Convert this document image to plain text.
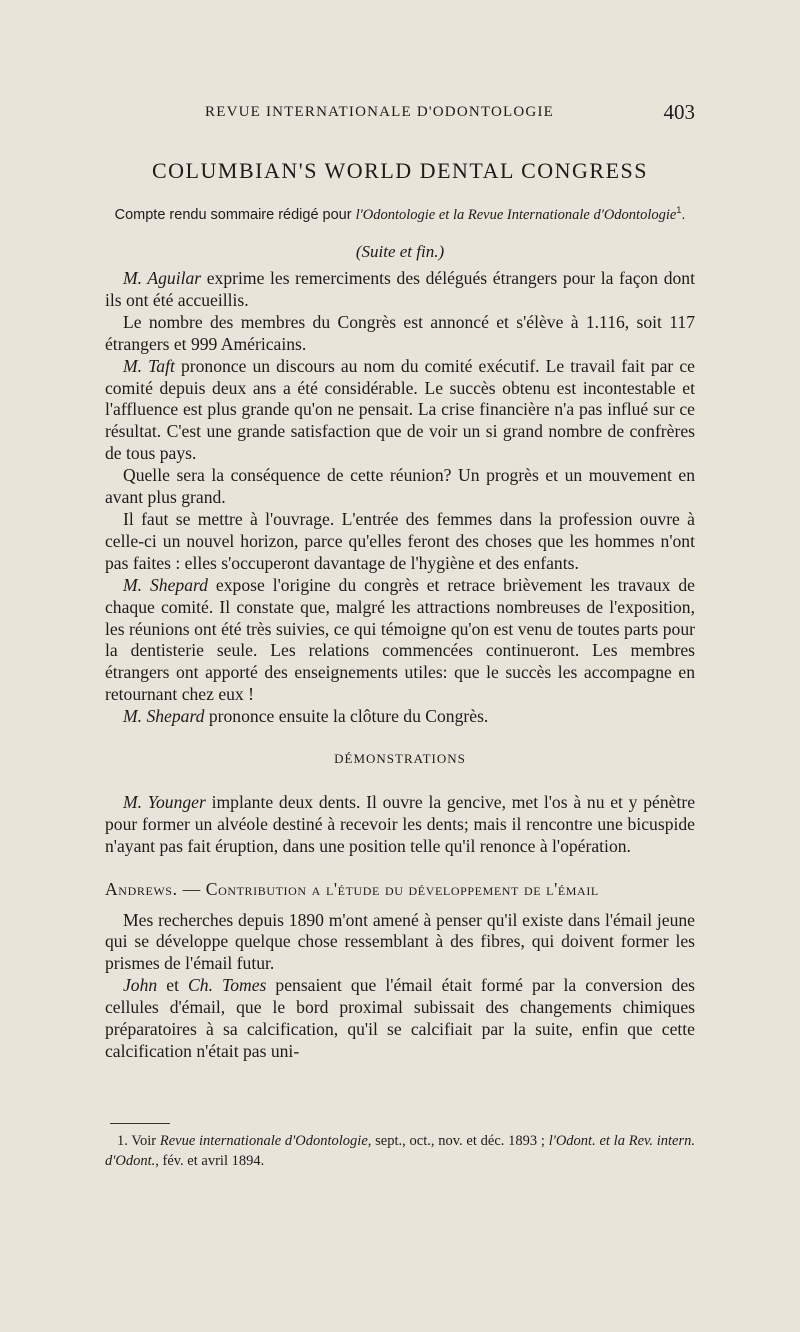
REVUE INTERNATIONALE D'ODONTOLOGIE	403
COLUMBIAN'S WORLD DENTAL CONGRESS
Compte rendu sommaire rédigé pour l'Odontologie et la Revue Internationale d'Odontologie$^1$.
(Suite et fin.)

M. Aguilar exprime les remerciments des délégués étrangers pour la façon dont ils ont été accueillis.

Le nombre des membres du Congrès est annoncé et s'élève à 1.116, soit 117 étrangers et 999 Américains.

M. Taft prononce un discours au nom du comité exécutif. Le travail fait par ce comité depuis deux ans a été considérable. Le succès obtenu est incontestable et l'affluence est plus grande qu'on ne pensait. La crise financière n'a pas influé sur ce résultat. C'est une grande satisfaction que de voir un si grand nombre de confrères de tous pays.

Quelle sera la conséquence de cette réunion? Un progrès et un mouvement en avant plus grand.

Il faut se mettre à l'ouvrage. L'entrée des femmes dans la profession ouvre à celle-ci un nouvel horizon, parce qu'elles feront des choses que les hommes n'ont pas faites : elles s'occuperont davantage de l'hygiène et des enfants.

M. Shepard expose l'origine du congrès et retrace brièvement les travaux de chaque comité. Il constate que, malgré les attractions nombreuses de l'exposition, les réunions ont été très suivies, ce qui témoigne qu'on est venu de toutes parts pour la dentisterie seule. Les relations commencées continueront. Les membres étrangers ont apporté des enseignements utiles: que le succès les accompagne en retournant chez eux !

M. Shepard prononce ensuite la clôture du Congrès.

DÉMONSTRATIONS

M. Younger implante deux dents. Il ouvre la gencive, met l'os à nu et y pénètre pour former un alvéole destiné à recevoir les dents; mais il rencontre une bicuspide n'ayant pas fait éruption, dans une position telle qu'il renonce à l'opération.

Andrews. — Contribution a l'étude du développement de l'émail

Mes recherches depuis 1890 m'ont amené à penser qu'il existe dans l'émail jeune qui se développe quelque chose ressemblant à des fibres, qui doivent former les prismes de l'émail futur.

John et Ch. Tomes pensaient que l'émail était formé par la conversion des cellules d'émail, que le bord proximal subissait des changements chimiques préparatoires à sa calcification, qu'il se calcifiait par la suite, enfin que cette calcification n'était pas uni-

1. Voir Revue internationale d'Odontologie, sept., oct., nov. et déc. 1893 ; l'Odont. et la Rev. intern. d'Odont., fév. et avril 1894.
